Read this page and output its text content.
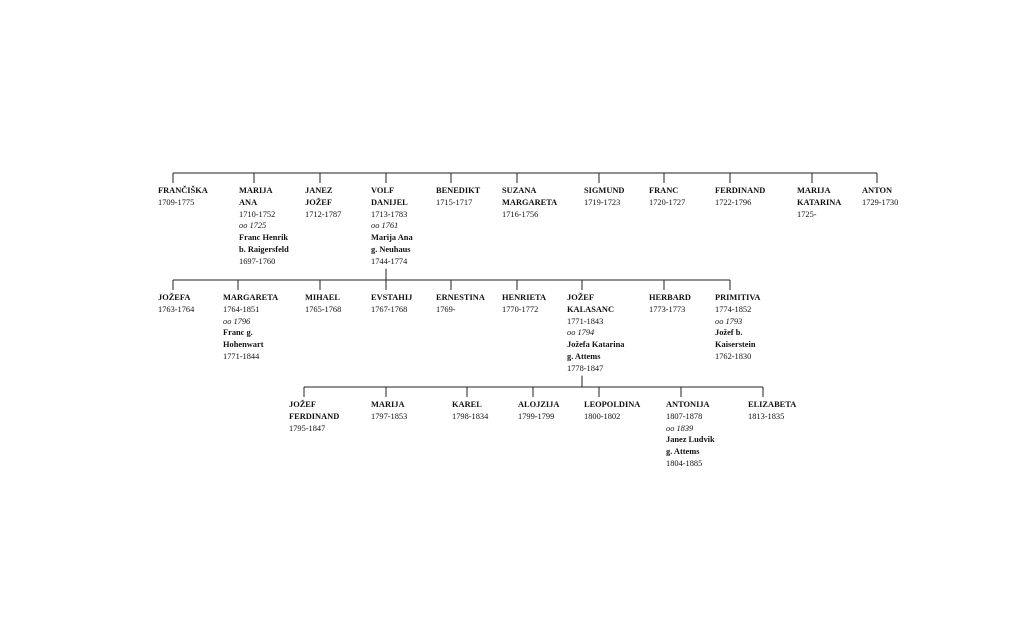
FRANČIŠKA
1709-1775
MARIJA
ANA
1710-1752
oo 1725
Franc Henrik
b. Raigersfeld
1697-1760
JANEZ
JOŽEF
1712-1787
VOLF
DANIJEL
1713-1783
oo 1761
Marija Ana
g. Neuhaus
1744-1774
BENEDIKT
1715-1717
SUZANA
MARGARETA
1716-1756
SIGMUND
1719-1723
FRANC
1720-1727
FERDINAND
1722-1796
MARIJA
KATARINA
1725-
ANTON
1729-1730
JOŽEFA
1763-1764
MARGARETA
1764-1851
oo 1796
Franc g.
Hohenwart
1771-1844
MIHAEL
1765-1768
EVSTAHIJ
1767-1768
ERNESTINA
1769-
HENRIETA
1770-1772
JOŽEF
KALASANC
1771-1843
oo 1794
Jožefa Katarina
g. Attems
1778-1847
HERBARD
1773-1773
PRIMITIVA
1774-1852
oo 1793
Jožef b.
Kaiserstein
1762-1830
JOŽEF
FERDINAND
1795-1847
MARIJA
1797-1853
KAREL
1798-1834
ALOJZIJA
1799-1799
LEOPOLDINA
1800-1802
ANTONIJA
1807-1878
oo 1839
Janez Ludvik
g. Attems
1804-1885
ELIZABETA
1813-1835
